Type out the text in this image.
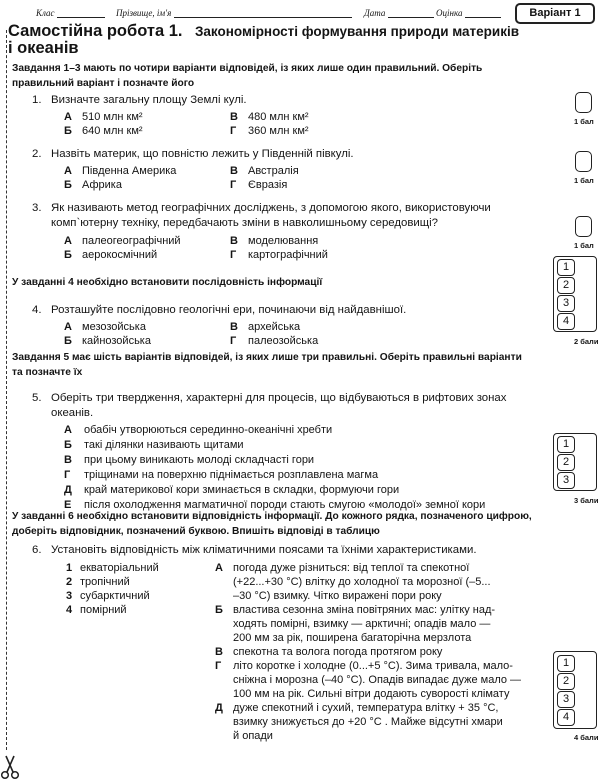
Клас	Прізвище, ім'я	Дата	Оцінка	Варіант 1
Самостійна робота 1. Закономірності формування природи материків
і океанів
Завдання 1–3 мають по чотири варіанти відповідей, із яких лише один правильний. Оберіть
правильний варіант і позначте його
1. Визначте загальну площу Землі кулі.
А 510 млн км²
Б 640 млн км²
В 480 млн км²
Г 360 млн км²
1 бал
2. Назвіть материк, що повністю лежить у Південній півкулі.
А Південна Америка
Б Африка
В Австралія
Г Євразія	1 бал
3. Як називають метод географічних досліджень, з допомогою якого, використовуючи
комп`ютерну техніку, передбачають зміни в навколишньому середовищі?
А палеогеографічний
Б аерокосмічний
В моделювання
Г картографічний
1 бал
У завданні 4 необхідно встановити послідовність інформації
4. Розташуйте послідовно геологічні ери, починаючи від найдавнішої.
А мезозойська
Б кайнозойська
В архейська
Г палеозойська
1
2
3
4
2 бали
Завдання 5 має шість варіантів відповідей, із яких лише три правильні. Оберіть правильні варіанти
та позначте їх
5. Оберіть три твердження, характерні для процесів, що відбуваються в рифтових зонах
океанів.
А обабіч утворюються серединно-океанічні хребти
Б такі ділянки називають щитами
В при цьому виникають молоді складчасті гори
Г тріщинами на поверхню піднімається розплавлена магма
Д край материкової кори зминається в складки, формуючи гори
Е після охолодження магматичної породи стають смугою «молодої» земної кори
1
2
3
3 бали
У завданні 6 необхідно встановити відповідність інформації. До кожного рядка, позначеного цифрою,
доберіть відповідник, позначений буквою. Впишіть відповіді в таблицю
6. Установіть відповідність між кліматичними поясами та їхніми характеристиками.
1 екваторіальний
2 тропічний
3 субарктичний
4 помірний
А погода дуже різниться: від теплої та спекотної
(+22...+30 °С) влітку до холодної та морозної (–5...
–30 °С) взимку. Чітко виражені пори року
Б властива сезонна зміна повітряних мас: улітку над-
ходять помірні, взимку — арктичні; опадів мало —
200 мм за рік, поширена багаторічна мерзлота
В спекотна та волога погода протягом року
Г літо коротке і холодне (0...+5 °С). Зима тривала, мало-
сніжна і морозна (–40 °С). Опадів випадає дуже мало —
100 мм на рік. Сильні вітри додають суворості клімату
Д дуже спекотний і сухий, температура влітку + 35 °С,
взимку знижується до +20 °С . Майже відсутні хмари
й опади
1
2
3
4
4 бали
